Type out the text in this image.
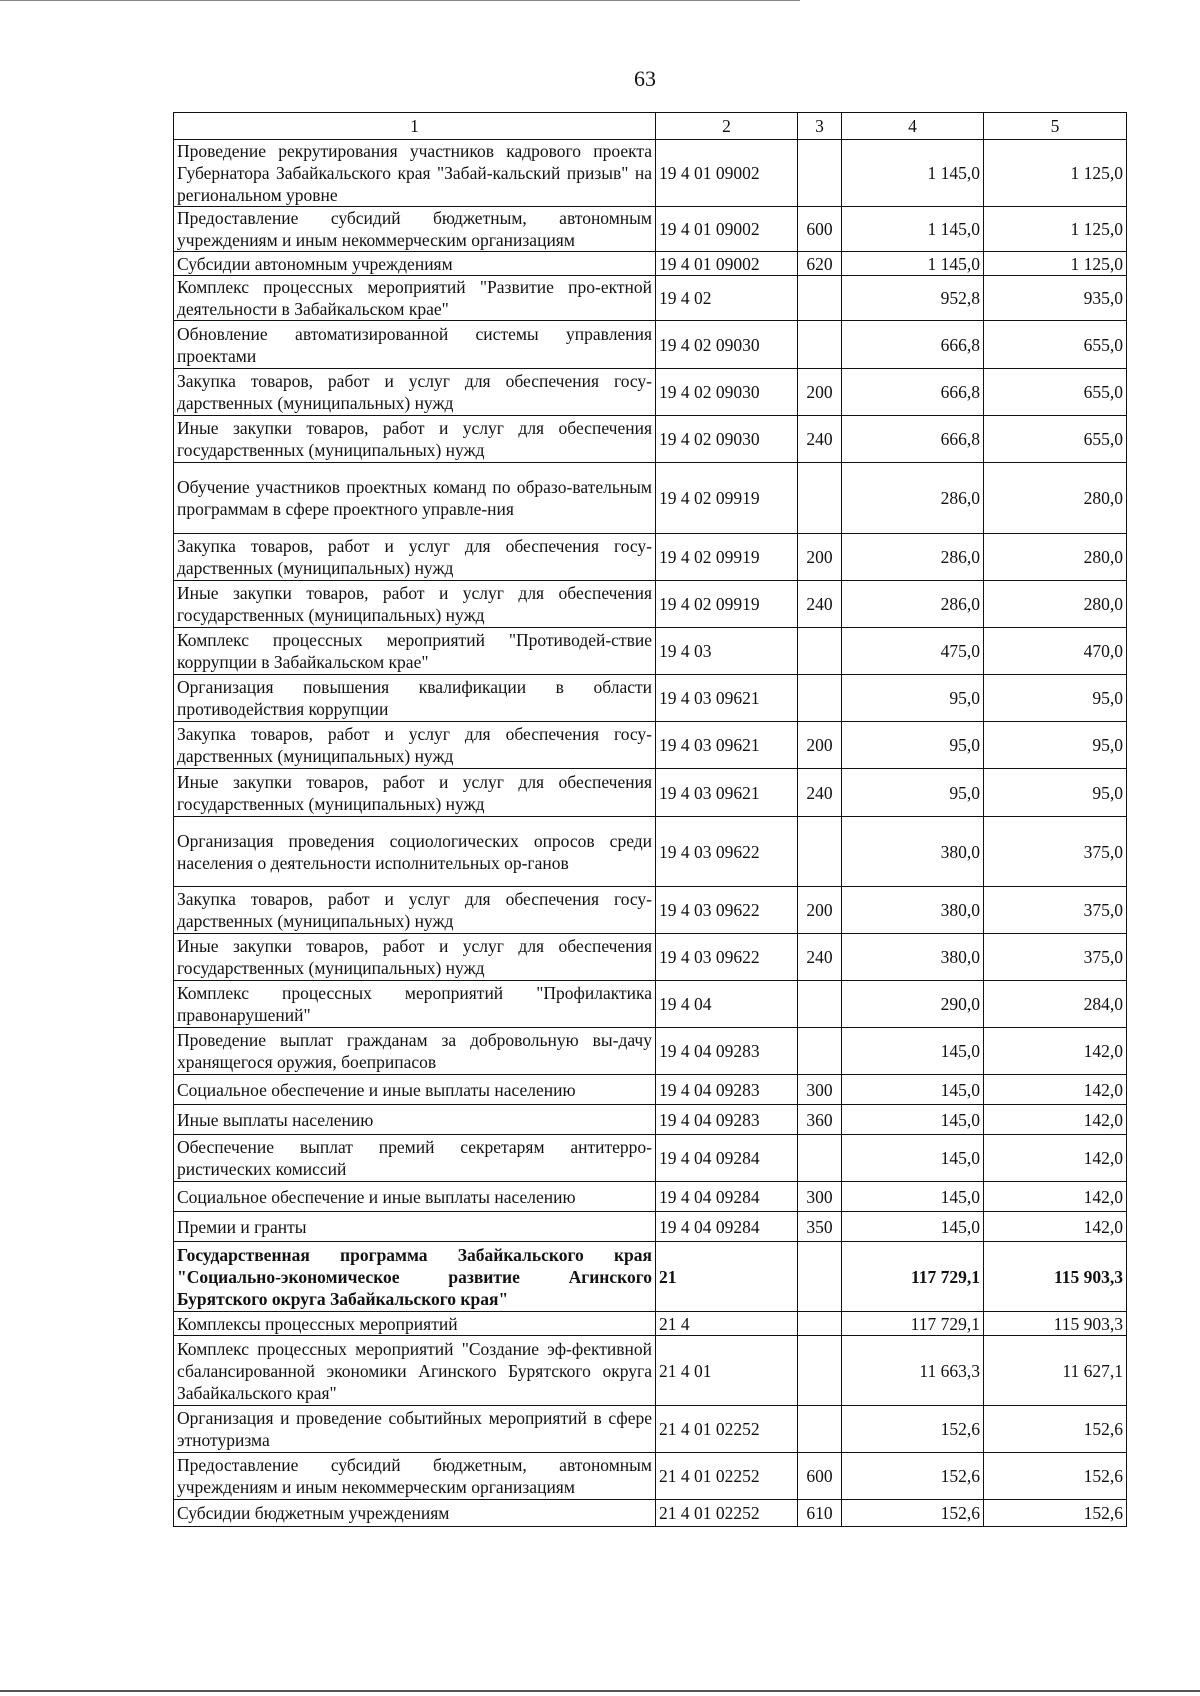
63
1	2	3	4	5
Проведение рекрутирования участников кадрового проекта Губернатора Забайкальского края "Забай-кальский призыв" на региональном уровне	19 4 01 09002		1 145,0	1 125,0
Предоставление субсидий бюджетным, автономным учреждениям и иным некоммерческим организациям	19 4 01 09002	600	1 145,0	1 125,0
Субсидии автономным учреждениям	19 4 01 09002	620	1 145,0	1 125,0
Комплекс процессных мероприятий "Развитие про-ектной деятельности в Забайкальском крае"	19 4 02		952,8	935,0
Обновление автоматизированной системы управления проектами	19 4 02 09030		666,8	655,0
Закупка товаров, работ и услуг для обеспечения госу-дарственных (муниципальных) нужд	19 4 02 09030	200	666,8	655,0
Иные закупки товаров, работ и услуг для обеспечения государственных (муниципальных) нужд	19 4 02 09030	240	666,8	655,0
Обучение участников проектных команд по образо-вательным программам в сфере проектного управле-ния	19 4 02 09919		286,0	280,0
Закупка товаров, работ и услуг для обеспечения госу-дарственных (муниципальных) нужд	19 4 02 09919	200	286,0	280,0
Иные закупки товаров, работ и услуг для обеспечения государственных (муниципальных) нужд	19 4 02 09919	240	286,0	280,0
Комплекс процессных мероприятий "Противодей-ствие коррупции в Забайкальском крае"	19 4 03		475,0	470,0
Организация повышения квалификации в области противодействия коррупции	19 4 03 09621		95,0	95,0
Закупка товаров, работ и услуг для обеспечения госу-дарственных (муниципальных) нужд	19 4 03 09621	200	95,0	95,0
Иные закупки товаров, работ и услуг для обеспечения государственных (муниципальных) нужд	19 4 03 09621	240	95,0	95,0
Организация проведения социологических опросов среди населения о деятельности исполнительных ор-ганов	19 4 03 09622		380,0	375,0
Закупка товаров, работ и услуг для обеспечения госу-дарственных (муниципальных) нужд	19 4 03 09622	200	380,0	375,0
Иные закупки товаров, работ и услуг для обеспечения государственных (муниципальных) нужд	19 4 03 09622	240	380,0	375,0
Комплекс процессных мероприятий "Профилактика правонарушений"	19 4 04		290,0	284,0
Проведение выплат гражданам за добровольную вы-дачу хранящегося оружия, боеприпасов	19 4 04 09283		145,0	142,0
Социальное обеспечение и иные выплаты населению	19 4 04 09283	300	145,0	142,0
Иные выплаты населению	19 4 04 09283	360	145,0	142,0
Обеспечение выплат премий секретарям антитерро-ристических комиссий	19 4 04 09284		145,0	142,0
Социальное обеспечение и иные выплаты населению	19 4 04 09284	300	145,0	142,0
Премии и гранты	19 4 04 09284	350	145,0	142,0
Государственная программа Забайкальского края "Социально-экономическое развитие Агинского Бурятского округа Забайкальского края"	21		117 729,1	115 903,3
Комплексы процессных мероприятий	21 4		117 729,1	115 903,3
Комплекс процессных мероприятий "Создание эф-фективной сбалансированной экономики Агинского Бурятского округа Забайкальского края"	21 4 01		11 663,3	11 627,1
Организация и проведение событийных мероприятий в сфере этнотуризма	21 4 01 02252		152,6	152,6
Предоставление субсидий бюджетным, автономным учреждениям и иным некоммерческим организациям	21 4 01 02252	600	152,6	152,6
Субсидии бюджетным учреждениям	21 4 01 02252	610	152,6	152,6
